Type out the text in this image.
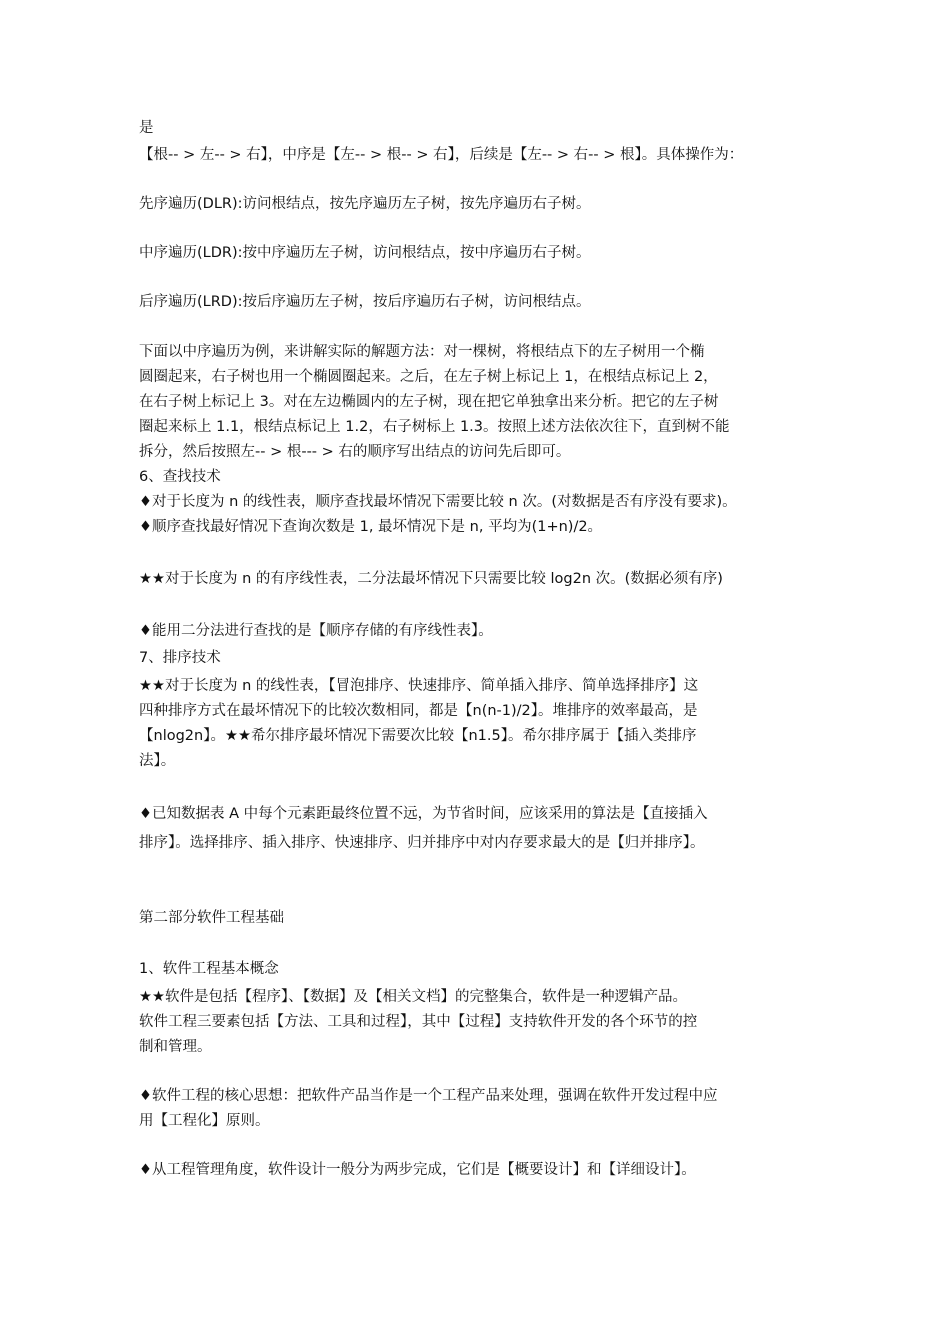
是
【根-- > 左-- > 右】，中序是【左-- > 根-- > 右】，后续是【左-- > 右-- > 根】。具体操作为：
先序遍历(DLR):访问根结点，按先序遍历左子树，按先序遍历右子树。
中序遍历(LDR):按中序遍历左子树，访问根结点，按中序遍历右子树。
后序遍历(LRD):按后序遍历左子树，按后序遍历右子树，访问根结点。
下面以中序遍历为例，来讲解实际的解题方法：对一棵树，将根结点下的左子树用一个椭
圆圈起来，右子树也用一个椭圆圈起来。之后，在左子树上标记上 1，在根结点标记上 2，
在右子树上标记上 3。对在左边椭圆内的左子树，现在把它单独拿出来分析。把它的左子树
圈起来标上 1.1，根结点标记上 1.2，右子树标上 1.3。按照上述方法依次往下，直到树不能
拆分，然后按照左-- > 根--- > 右的顺序写出结点的访问先后即可。
6、查找技术
♦对于长度为 n 的线性表，顺序查找最坏情况下需要比较 n 次。(对数据是否有序没有要求)。
♦顺序查找最好情况下查询次数是 1, 最坏情况下是 n, 平均为(1+n)/2。
★★对于长度为 n 的有序线性表，二分法最坏情况下只需要比较 log2n 次。(数据必须有序)
♦能用二分法进行查找的是【顺序存储的有序线性表】。
7、排序技术
★★对于长度为 n 的线性表，【冒泡排序、快速排序、简单插入排序、简单选择排序】这
四种排序方式在最坏情况下的比较次数相同，都是【n(n-1)/2】。堆排序的效率最高，是
【nlog2n】。★★希尔排序最坏情况下需要次比较【n1.5】。希尔排序属于【插入类排序
法】。
♦已知数据表 A 中每个元素距最终位置不远，为节省时间，应该采用的算法是【直接插入
排序】。选择排序、插入排序、快速排序、归并排序中对内存要求最大的是【归并排序】。
第二部分软件工程基础
1、软件工程基本概念
★★软件是包括【程序】、【数据】及【相关文档】的完整集合，软件是一种逻辑产品。
软件工程三要素包括【方法、工具和过程】，其中【过程】支持软件开发的各个环节的控
制和管理。
♦软件工程的核心思想：把软件产品当作是一个工程产品来处理，强调在软件开发过程中应
用【工程化】原则。
♦从工程管理角度，软件设计一般分为两步完成，它们是【概要设计】和【详细设计】。
